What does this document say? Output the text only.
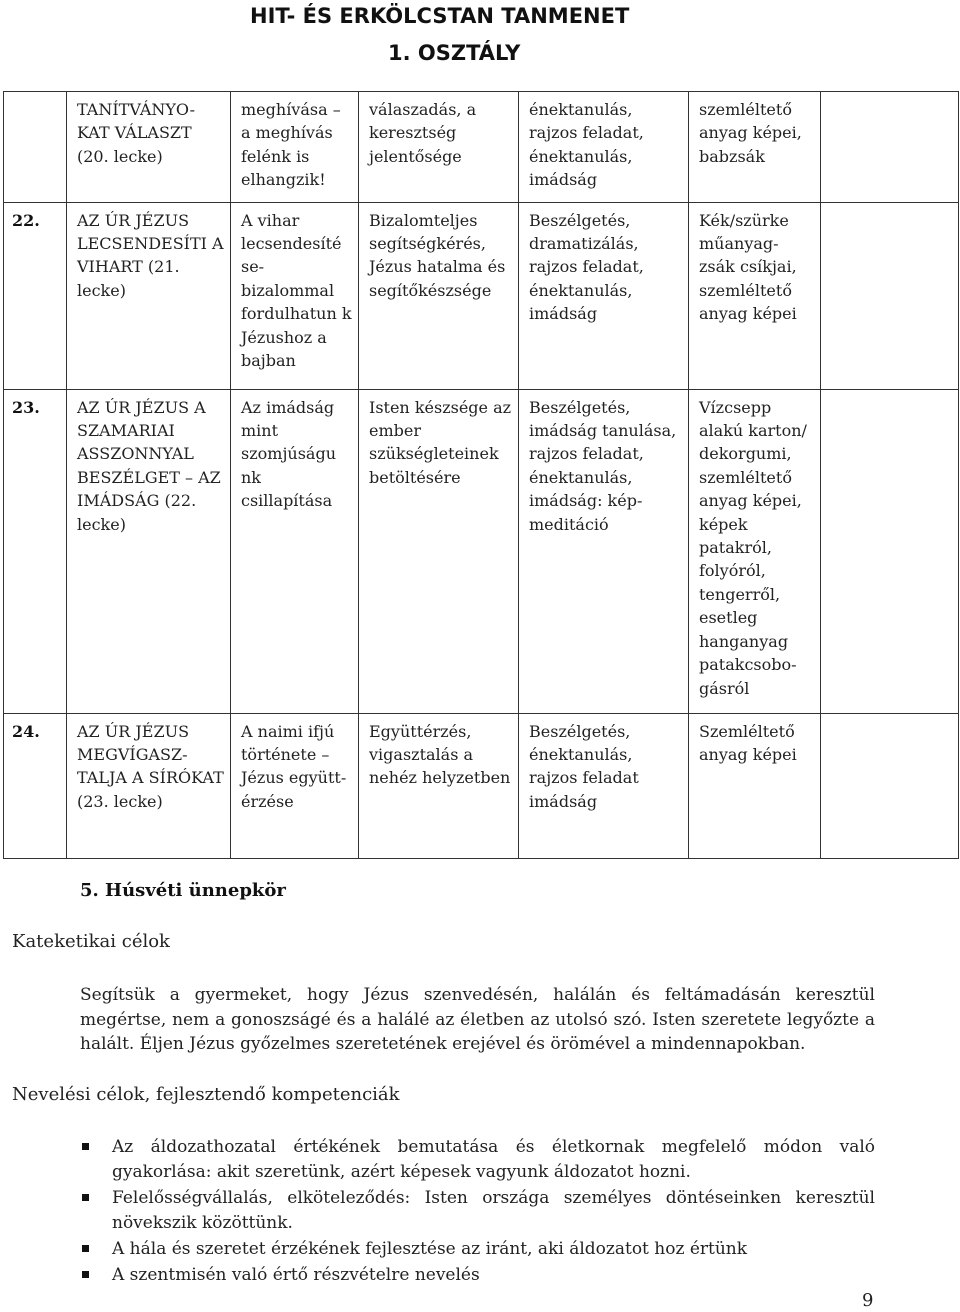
HIT- ÉS ERKÖLCSTAN TANMENET
1. OSZTÁLY
	TANÍTVÁNYO-KAT VÁLASZT (20. lecke)	meghívása – a meghívás felénk is elhangzik!	válaszadás, a keresztség jelentősége	énektanulás, rajzos feladat, énektanulás, imádság	szemléltető anyag képei, babzsák	
22.	AZ ÚR JÉZUS LECSENDESÍTI A VIHART (21. lecke)	A vihar lecsendesíté se-bizalommal fordulhatun k Jézushoz a bajban	Bizalomteljes segítségkérés, Jézus hatalma és segítőkészsége	Beszélgetés, dramatizálás, rajzos feladat, énektanulás, imádság	Kék/szürke műanyag-zsák csíkjai, szemléltető anyag képei	
23.	AZ ÚR JÉZUS A SZAMARIAI ASSZONNYAL BESZÉLGET – AZ IMÁDSÁG (22. lecke)	Az imádság mint szomjúságu nk csillapítása	Isten készsége az ember szükségleteinek betöltésére	Beszélgetés, imádság tanulása, rajzos feladat, énektanulás, imádság: kép-meditáció	Vízcsepp alakú karton/ dekorgumi, szemléltető anyag képei, képek patakról, folyóról, tengerről, esetleg hanganyag patakcsobo-gásról	
24.	AZ ÚR JÉZUS MEGVÍGASZ-TALJA A SÍRÓKAT (23. lecke)	A naimi ifjú története – Jézus együtt-érzése	Együttérzés, vigasztalás a nehéz helyzetben	Beszélgetés, énektanulás, rajzos feladat imádság	Szemléltető anyag képei	
5. Húsvéti ünnepkör
Kateketikai célok
Segítsük a gyermeket, hogy Jézus szenvedésén, halálán és feltámadásán keresztül megértse, nem a gonoszságé és a halálé az életben az utolsó szó. Isten szeretete legyőzte a halált. Éljen Jézus győzelmes szeretetének erejével és örömével a mindennapokban.
Nevelési célok, fejlesztendő kompetenciák
Az áldozathozatal értékének bemutatása és életkornak megfelelő módon való gyakorlása: akit szeretünk, azért képesek vagyunk áldozatot hozni.
Felelősségvállalás, elköteleződés: Isten országa személyes döntéseinken keresztül növekszik közöttünk.
A hála és szeretet érzékének fejlesztése az iránt, aki áldozatot hoz értünk
A szentmisén való értő részvételre nevelés
9
